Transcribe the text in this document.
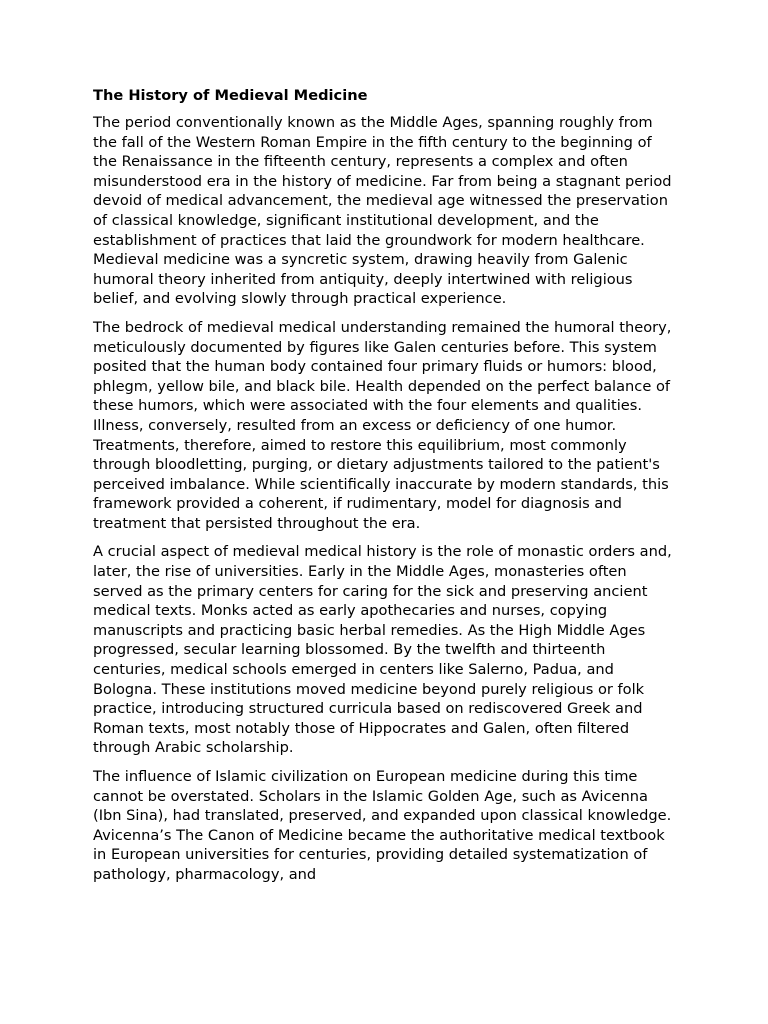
The History of Medieval Medicine

The period conventionally known as the Middle Ages, spanning roughly from the fall of the Western Roman Empire in the fifth century to the beginning of the Renaissance in the fifteenth century, represents a complex and often misunderstood era in the history of medicine. Far from being a stagnant period devoid of medical advancement, the medieval age witnessed the preservation of classical knowledge, significant institutional development, and the establishment of practices that laid the groundwork for modern healthcare. Medieval medicine was a syncretic system, drawing heavily from Galenic humoral theory inherited from antiquity, deeply intertwined with religious belief, and evolving slowly through practical experience.

The bedrock of medieval medical understanding remained the humoral theory, meticulously documented by figures like Galen centuries before. This system posited that the human body contained four primary fluids or humors: blood, phlegm, yellow bile, and black bile. Health depended on the perfect balance of these humors, which were associated with the four elements and qualities. Illness, conversely, resulted from an excess or deficiency of one humor. Treatments, therefore, aimed to restore this equilibrium, most commonly through bloodletting, purging, or dietary adjustments tailored to the patient's perceived imbalance. While scientifically inaccurate by modern standards, this framework provided a coherent, if rudimentary, model for diagnosis and treatment that persisted throughout the era.

A crucial aspect of medieval medical history is the role of monastic orders and, later, the rise of universities. Early in the Middle Ages, monasteries often served as the primary centers for caring for the sick and preserving ancient medical texts. Monks acted as early apothecaries and nurses, copying manuscripts and practicing basic herbal remedies. As the High Middle Ages progressed, secular learning blossomed. By the twelfth and thirteenth centuries, medical schools emerged in centers like Salerno, Padua, and Bologna. These institutions moved medicine beyond purely religious or folk practice, introducing structured curricula based on rediscovered Greek and Roman texts, most notably those of Hippocrates and Galen, often filtered through Arabic scholarship.

The influence of Islamic civilization on European medicine during this time cannot be overstated. Scholars in the Islamic Golden Age, such as Avicenna (Ibn Sina), had translated, preserved, and expanded upon classical knowledge. Avicenna’s The Canon of Medicine became the authoritative medical textbook in European universities for centuries, providing detailed systematization of pathology, pharmacology, and
